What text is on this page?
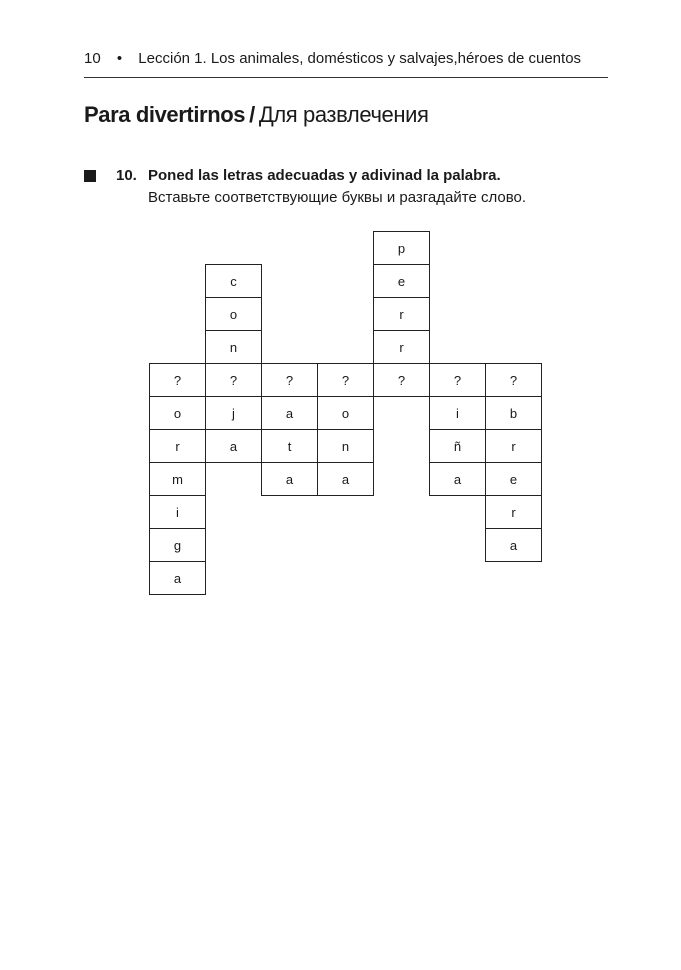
10 • Lección 1. Los animales, domésticos y salvajes,héroes de cuentos
Para divertirnos / Для развлечения
10. Poned las letras adecuadas y adivinad la palabra.
Вставьте соответствующие буквы и разгадайте слово.
?
o
r
m
i
g
a
c
o
n
?
j
a
?
a
t
a
?
o
n
a
p
e
r
r
?	?
i
ñ
a
?
b
r
e
r
a
